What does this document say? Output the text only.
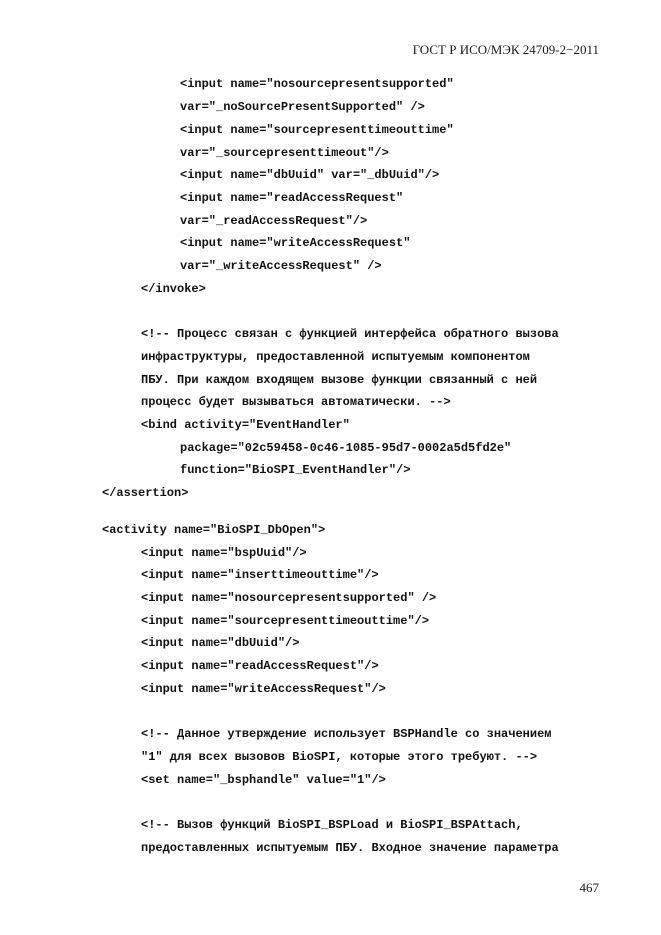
ГОСТ Р ИСО/МЭК 24709-2−2011
<input name="nosourcepresentsupported"
var="_noSourcePresentSupported" />
<input name="sourcepresenttimeouttime"
var="_sourcepresenttimeout"/>
<input name="dbUuid" var="_dbUuid"/>
<input name="readAccessRequest"
var="_readAccessRequest"/>
<input name="writeAccessRequest"
var="_writeAccessRequest" />
</invoke>
<!-- Процесс связан с функцией интерфейса обратного вызова
инфраструктуры, предоставленной испытуемым компонентом
ПБУ. При каждом входящем вызове функции связанный с ней
процесс будет вызываться автоматически. -->
<bind activity="EventHandler"
package="02c59458-0c46-1085-95d7-0002a5d5fd2e"
function="BioSPI_EventHandler"/>
</assertion>
<activity name="BioSPI_DbOpen">
<input name="bspUuid"/>
<input name="inserttimeouttime"/>
<input name="nosourcepresentsupported" />
<input name="sourcepresenttimeouttime"/>
<input name="dbUuid"/>
<input name="readAccessRequest"/>
<input name="writeAccessRequest"/>
<!-- Данное утверждение использует BSPHandle со значением
"1" для всех вызовов BioSPI, которые этого требуют. -->
<set name="_bsphandle" value="1"/>
<!-- Вызов функций BioSPI_BSPLoad и BioSPI_BSPAttach,
предоставленных испытуемым ПБУ. Входное значение параметра
467
